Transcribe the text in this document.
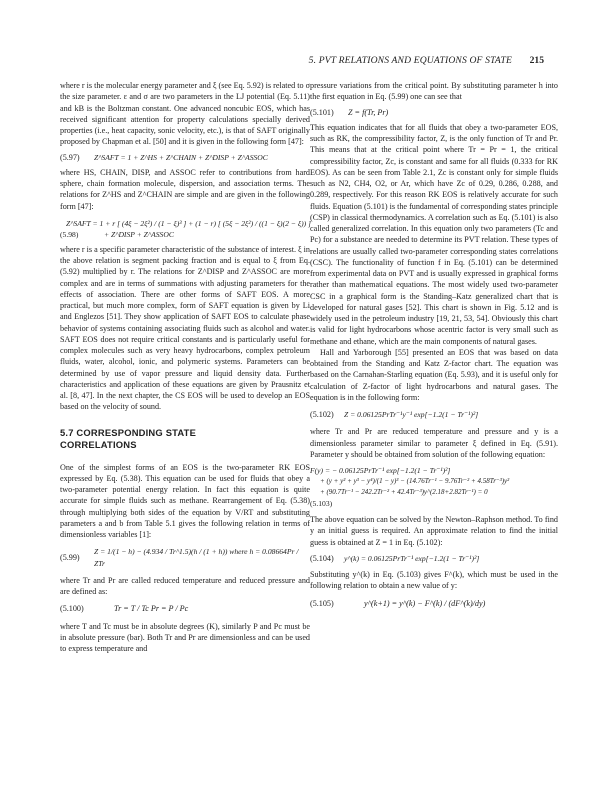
5. PVT RELATIONS AND EQUATIONS OF STATE 215

where r is the molecular energy parameter and ξ (see Eq. 5.92) is related to σ the size parameter. ε and σ are two parameters in the LJ potential (Eq. 5.11) and kB is the Boltzman constant. One advanced noncubic EOS, which has received significant attention for property calculations specially derived properties (i.e., heat capacity, sonic velocity, etc.), is that of SAFT originally proposed by Chapman et al. [50] and it is given in the following form [47]:

(5.97)	Z^SAFT = 1 + Z^HS + Z^CHAIN + Z^DISP + Z^ASSOC

where HS, CHAIN, DISP, and ASSOC refer to contributions from hard sphere, chain formation molecule, dispersion, and association terms. The relations for Z^HS and Z^CHAIN are simple and are given in the following form [47]:

Z^SAFT = 1 + r [ (4ξ − 2ξ²) / (1 − ξ)³ ] + (1 − r) [ (5ξ − 2ξ²) / ((1 − ξ)(2 − ξ)) ]
(5.98)	+ Z^DISP + Z^ASSOC

where r is a specific parameter characteristic of the substance of interest. ξ in the above relation is segment packing fraction and is equal to ξ from Eq. (5.92) multiplied by r. The relations for Z^DISP and Z^ASSOC are more complex and are in terms of summations with adjusting parameters for the effects of association. There are other forms of SAFT EOS. A more practical, but much more complex, form of SAFT equation is given by Li and Englezos [51]. They show application of SAFT EOS to calculate phase behavior of systems containing associating fluids such as alcohol and water. SAFT EOS does not require critical constants and is particularly useful for complex molecules such as very heavy hydrocarbons, complex petroleum fluids, water, alcohol, ionic, and polymeric systems. Parameters can be determined by use of vapor pressure and liquid density data. Further characteristics and application of these equations are given by Prausnitz et al. [8, 47]. In the next chapter, the CS EOS will be used to develop an EOS based on the velocity of sound.

5.7 CORRESPONDING STATE
CORRELATIONS

One of the simplest forms of an EOS is the two-parameter RK EOS expressed by Eq. (5.38). This equation can be used for fluids that obey a two-parameter potential energy relation. In fact this equation is quite accurate for simple fluids such as methane. Rearrangement of Eq. (5.38) through multiplying both sides of the equation by V/RT and substituting parameters a and b from Table 5.1 gives the following relation in terms of dimensionless variables [1]:

(5.99)
Z = 1/(1 − h) − (4.934 / Tr^1.5)(h / (1 + h)) where h = 0.08664Pr / ZTr

where Tr and Pr are called reduced temperature and reduced pressure and are defined as:

(5.100)	Tr = T / Tc Pr = P / Pc

where T and Tc must be in absolute degrees (K), similarly P and Pc must be in absolute pressure (bar). Both Tr and Pr are dimensionless and can be used to express temperature and

pressure variations from the critical point. By substituting parameter h into the first equation in Eq. (5.99) one can see that

(5.101)	Z = f(Tr, Pr)

This equation indicates that for all fluids that obey a two-parameter EOS, such as RK, the compressibility factor, Z, is the only function of Tr and Pr. This means that at the critical point where Tr = Pr = 1, the critical compressibility factor, Zc, is constant and same for all fluids (0.333 for RK EOS). As can be seen from Table 2.1, Zc is constant only for simple fluids such as N2, CH4, O2, or Ar, which have Zc of 0.29, 0.286, 0.288, and 0.289, respectively. For this reason RK EOS is relatively accurate for such fluids. Equation (5.101) is the fundamental of corresponding states principle (CSP) in classical thermodynamics. A correlation such as Eq. (5.101) is also called generalized correlation. In this equation only two parameters (Tc and Pc) for a substance are needed to determine its PVT relation. These types of relations are usually called two-parameter corresponding states correlations (CSC). The functionality of function f in Eq. (5.101) can be determined from experimental data on PVT and is usually expressed in graphical forms rather than mathematical equations. The most widely used two-parameter CSC in a graphical form is the Standing–Katz generalized chart that is developed for natural gases [52]. This chart is shown in Fig. 5.12 and is widely used in the petroleum industry [19, 21, 53, 54]. Obviously this chart is valid for light hydrocarbons whose acentric factor is very small such as methane and ethane, which are the main components of natural gases.

Hall and Yarborough [55] presented an EOS that was based on data obtained from the Standing and Katz Z-factor chart. The equation was based on the Carnahan-Starling equation (Eq. 5.93), and it is useful only for calculation of Z-factor of light hydrocarbons and natural gases. The equation is in the following form:

(5.102)	Z = 0.06125PrTr⁻¹y⁻¹ exp[−1.2(1 − Tr⁻¹)²]

where Tr and Pr are reduced temperature and pressure and y is a dimensionless parameter similar to parameter ξ defined in Eq. (5.91). Parameter y should be obtained from solution of the following equation:

F(y) = − 0.06125PrTr⁻¹ exp[−1.2(1 − Tr⁻¹)²]
+ (y + y² + y³ − y⁴)/(1 − y)³ − (14.76Tr⁻¹ − 9.76Tr⁻² + 4.58Tr⁻³)y²
+ (90.7Tr⁻¹ − 242.2Tr⁻² + 42.4Tr⁻³)y^(2.18+2.82Tr⁻¹) = 0
(5.103)

The above equation can be solved by the Newton–Raphson method. To find y an initial guess is required. An approximate relation to find the initial guess is obtained at Z = 1 in Eq. (5.102):

(5.104)	y^(k) = 0.06125PrTr⁻¹ exp[−1.2(1 − Tr⁻¹)²]

Substituting y^(k) in Eq. (5.103) gives F^(k), which must be used in the following relation to obtain a new value of y:

(5.105)	y^(k+1) = y^(k) − F^(k) / (dF^(k)/dy)
